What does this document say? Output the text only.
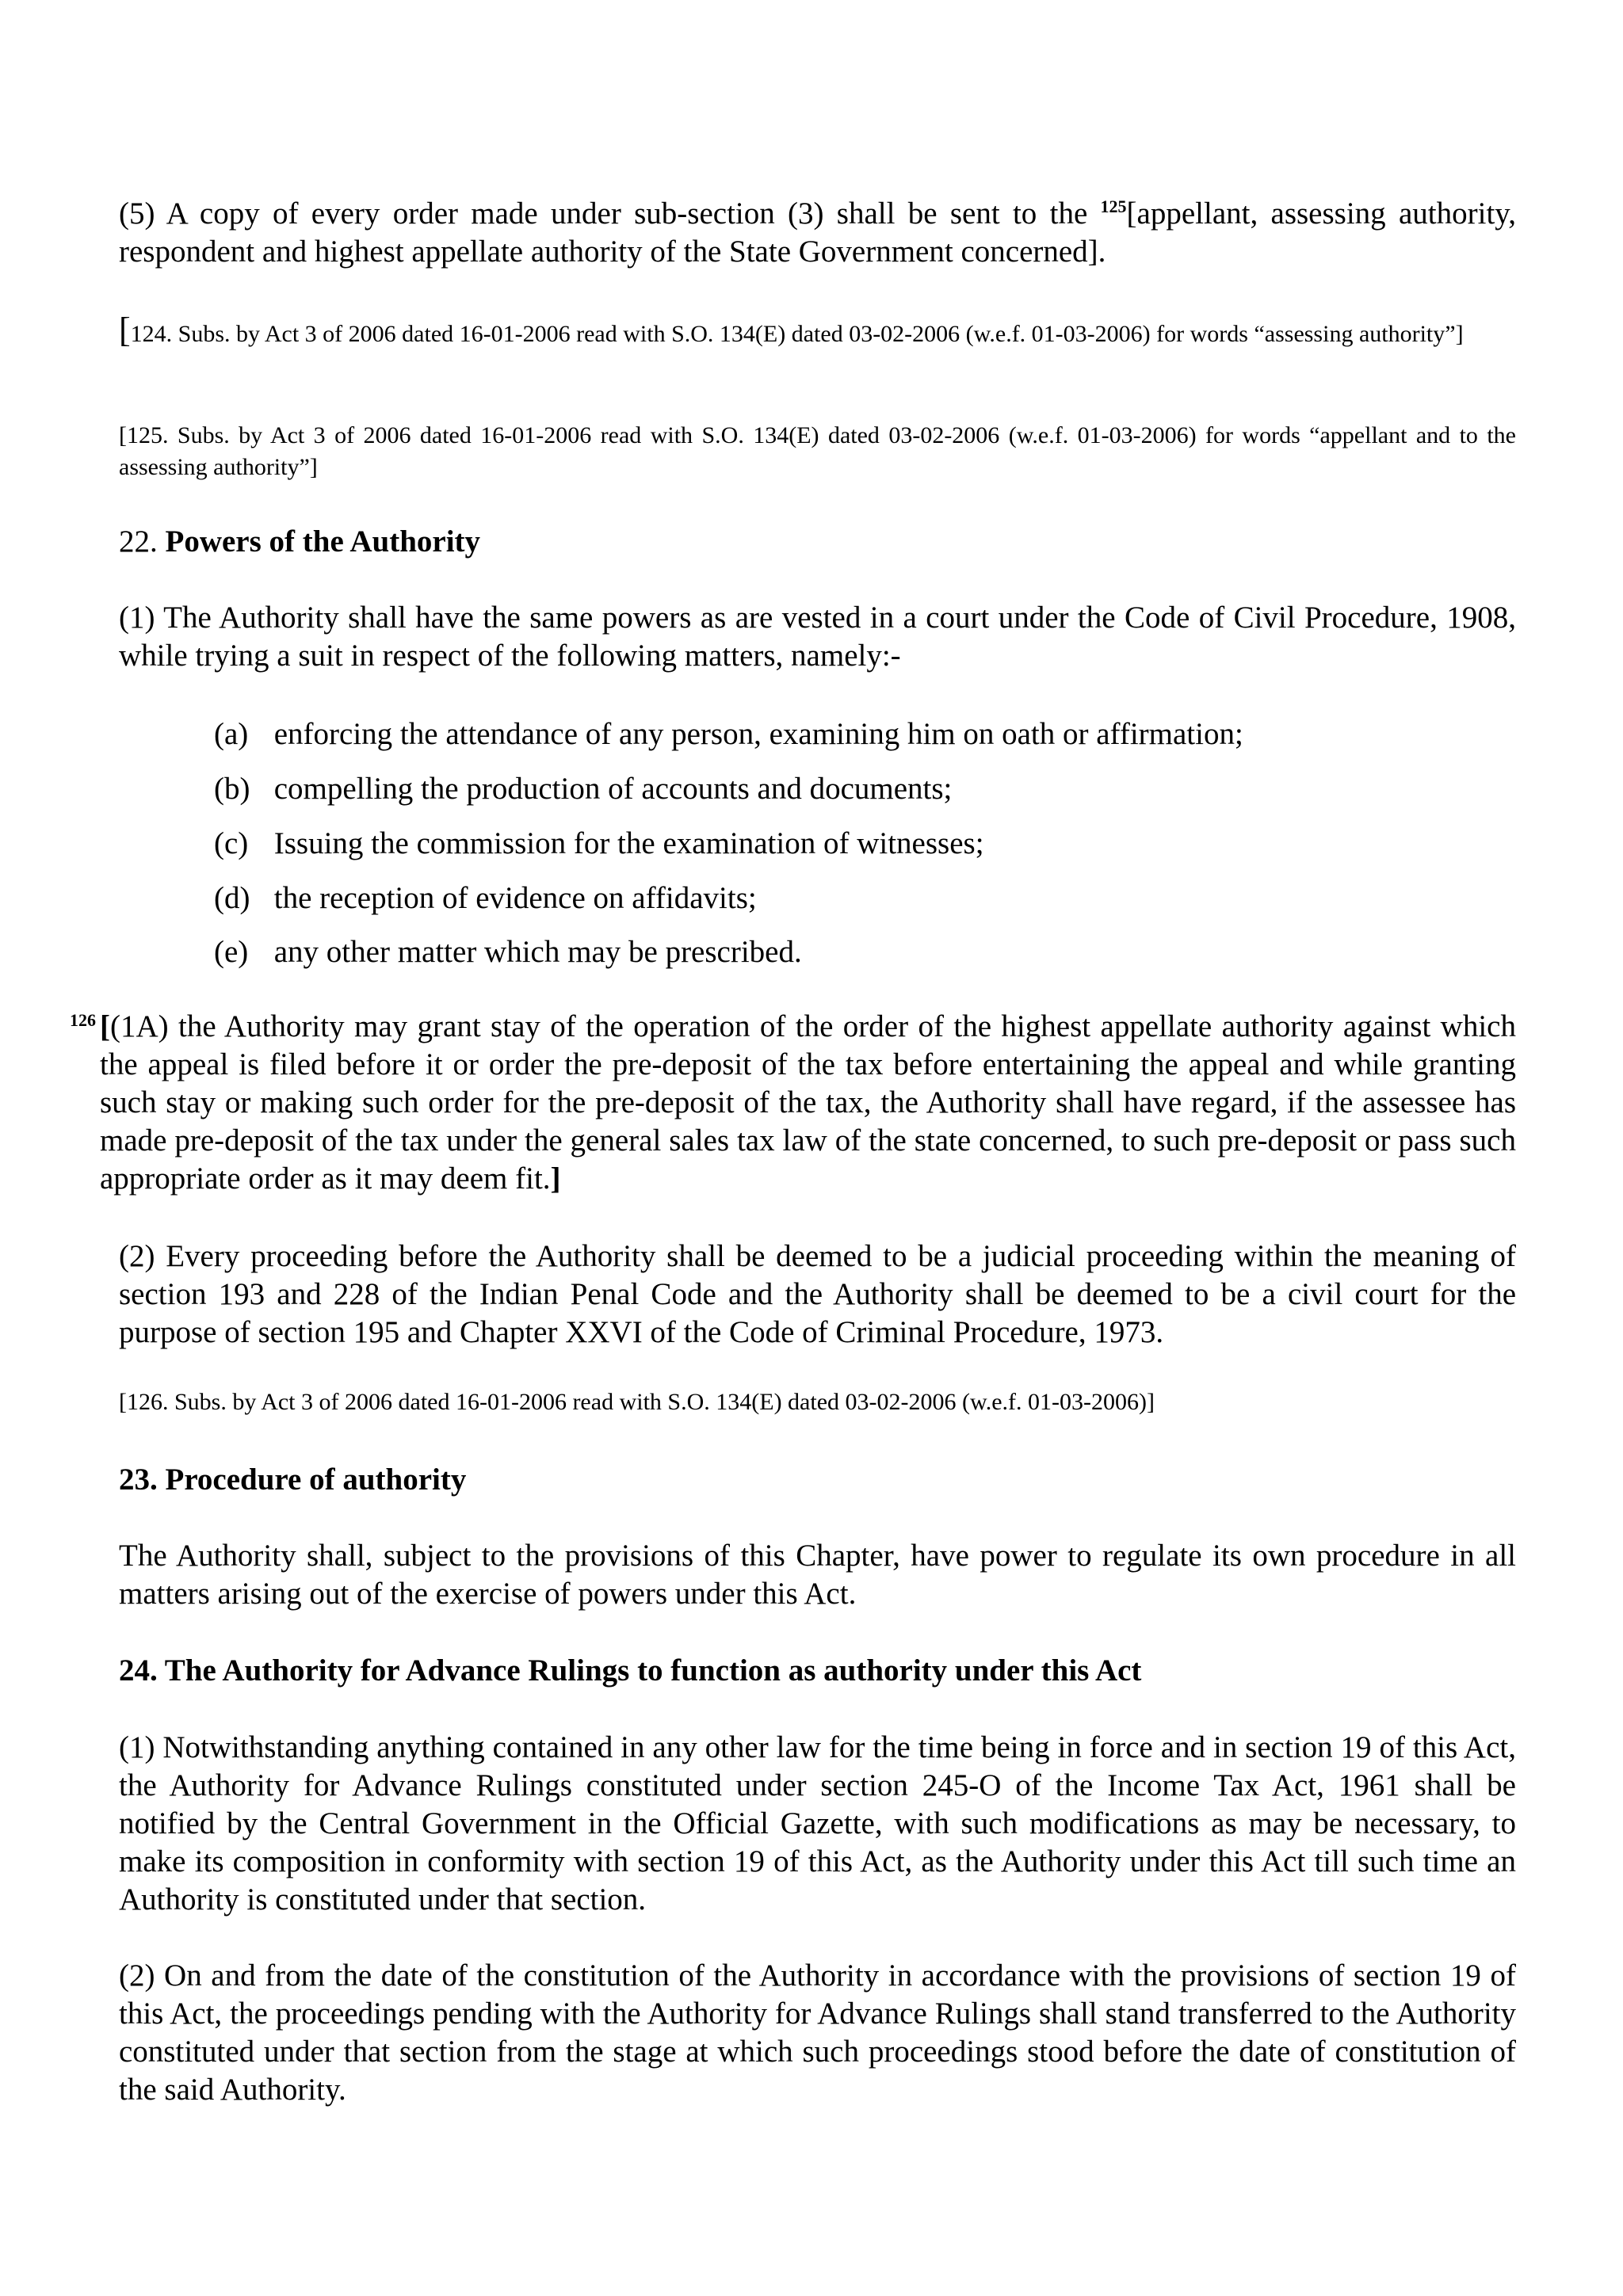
(5) A copy of every order made under sub-section (3) shall be sent to the $^{125}$[appellant, assessing authority, respondent and highest appellate authority of the State Government concerned].

[124. Subs. by Act 3 of 2006 dated 16-01-2006 read with S.O. 134(E) dated 03-02-2006 (w.e.f. 01-03-2006) for words “assessing authority”]

[125. Subs. by Act 3 of 2006 dated 16-01-2006 read with S.O. 134(E) dated 03-02-2006 (w.e.f. 01-03-2006) for words “appellant and to the assessing authority”]

22. Powers of the Authority

(1) The Authority shall have the same powers as are vested in a court under the Code of Civil Procedure, 1908, while trying a suit in respect of the following matters, namely:-

(a) enforcing the attendance of any person, examining him on oath or affirmation;

(b) compelling the production of accounts and documents;

(c) Issuing the commission for the examination of witnesses;

(d) the reception of evidence on affidavits;

(e) any other matter which may be prescribed.

126 [(1A) the Authority may grant stay of the operation of the order of the highest appellate authority against which the appeal is filed before it or order the pre-deposit of the tax before entertaining the appeal and while granting such stay or making such order for the pre-deposit of the tax, the Authority shall have regard, if the assessee has made pre-deposit of the tax under the general sales tax law of the state concerned, to such pre-deposit or pass such appropriate order as it may deem fit.]

(2) Every proceeding before the Authority shall be deemed to be a judicial proceeding within the meaning of section 193 and 228 of the Indian Penal Code and the Authority shall be deemed to be a civil court for the purpose of section 195 and Chapter XXVI of the Code of Criminal Procedure, 1973.

[126. Subs. by Act 3 of 2006 dated 16-01-2006 read with S.O. 134(E) dated 03-02-2006 (w.e.f. 01-03-2006)]

23. Procedure of authority

The Authority shall, subject to the provisions of this Chapter, have power to regulate its own procedure in all matters arising out of the exercise of powers under this Act.

24. The Authority for Advance Rulings to function as authority under this Act

(1) Notwithstanding anything contained in any other law for the time being in force and in section 19 of this Act, the Authority for Advance Rulings constituted under section 245-O of the Income Tax Act, 1961 shall be notified by the Central Government in the Official Gazette, with such modifications as may be necessary, to make its composition in conformity with section 19 of this Act, as the Authority under this Act till such time an Authority is constituted under that section.

(2) On and from the date of the constitution of the Authority in accordance with the provisions of section 19 of this Act, the proceedings pending with the Authority for Advance Rulings shall stand transferred to the Authority constituted under that section from the stage at which such proceedings stood before the date of constitution of the said Authority.
